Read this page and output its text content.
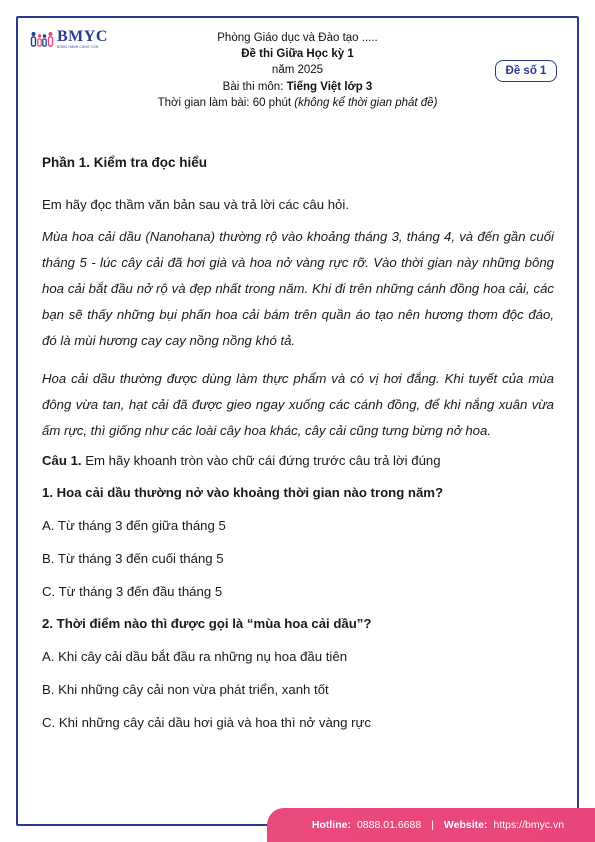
BMYC
ĐỒNG HÀNH CÙNG CON
Phòng Giáo dục và Đào tạo .....
Đề thi Giữa Học kỳ 1
năm 2025
Bài thi môn: Tiếng Việt lớp 3
Thời gian làm bài: 60 phút (không kể thời gian phát đề)
Đề số 1

Phần 1. Kiểm tra đọc hiểu

Em hãy đọc thầm văn bản sau và trả lời các câu hỏi.

Mùa hoa cải dầu (Nanohana) thường rộ vào khoảng tháng 3, tháng 4, và đến gần cuối tháng 5 - lúc cây cải đã hơi già và hoa nở vàng rực rỡ. Vào thời gian này những bông hoa cải bắt đầu nở rộ và đẹp nhất trong năm. Khi đi trên những cánh đồng hoa cải, các bạn sẽ thấy những bụi phấn hoa cải bám trên quần áo tạo nên hương thơm độc đáo, đó là mùi hương cay cay nồng nồng khó tả.

Hoa cải dầu thường được dùng làm thực phẩm và có vị hơi đắng. Khi tuyết của mùa đông vừa tan, hạt cải đã được gieo ngay xuống các cánh đồng, để khi nắng xuân vừa ấm rực, thì giống như các loài cây hoa khác, cây cải cũng tưng bừng nở hoa.

Câu 1. Em hãy khoanh tròn vào chữ cái đứng trước câu trả lời đúng

1. Hoa cải dầu thường nở vào khoảng thời gian nào trong năm?

A. Từ tháng 3 đến giữa tháng 5

B. Từ tháng 3 đến cuối tháng 5

C. Từ tháng 3 đến đầu tháng 5

2. Thời điểm nào thì được gọi là “mùa hoa cải dầu”?

A. Khi cây cải dầu bắt đầu ra những nụ hoa đầu tiên

B. Khi những cây cải non vừa phát triển, xanh tốt

C. Khi những cây cải dầu hơi già và hoa thì nở vàng rực

Hotline: 0888.01.6688 | Website: https://bmyc.vn
